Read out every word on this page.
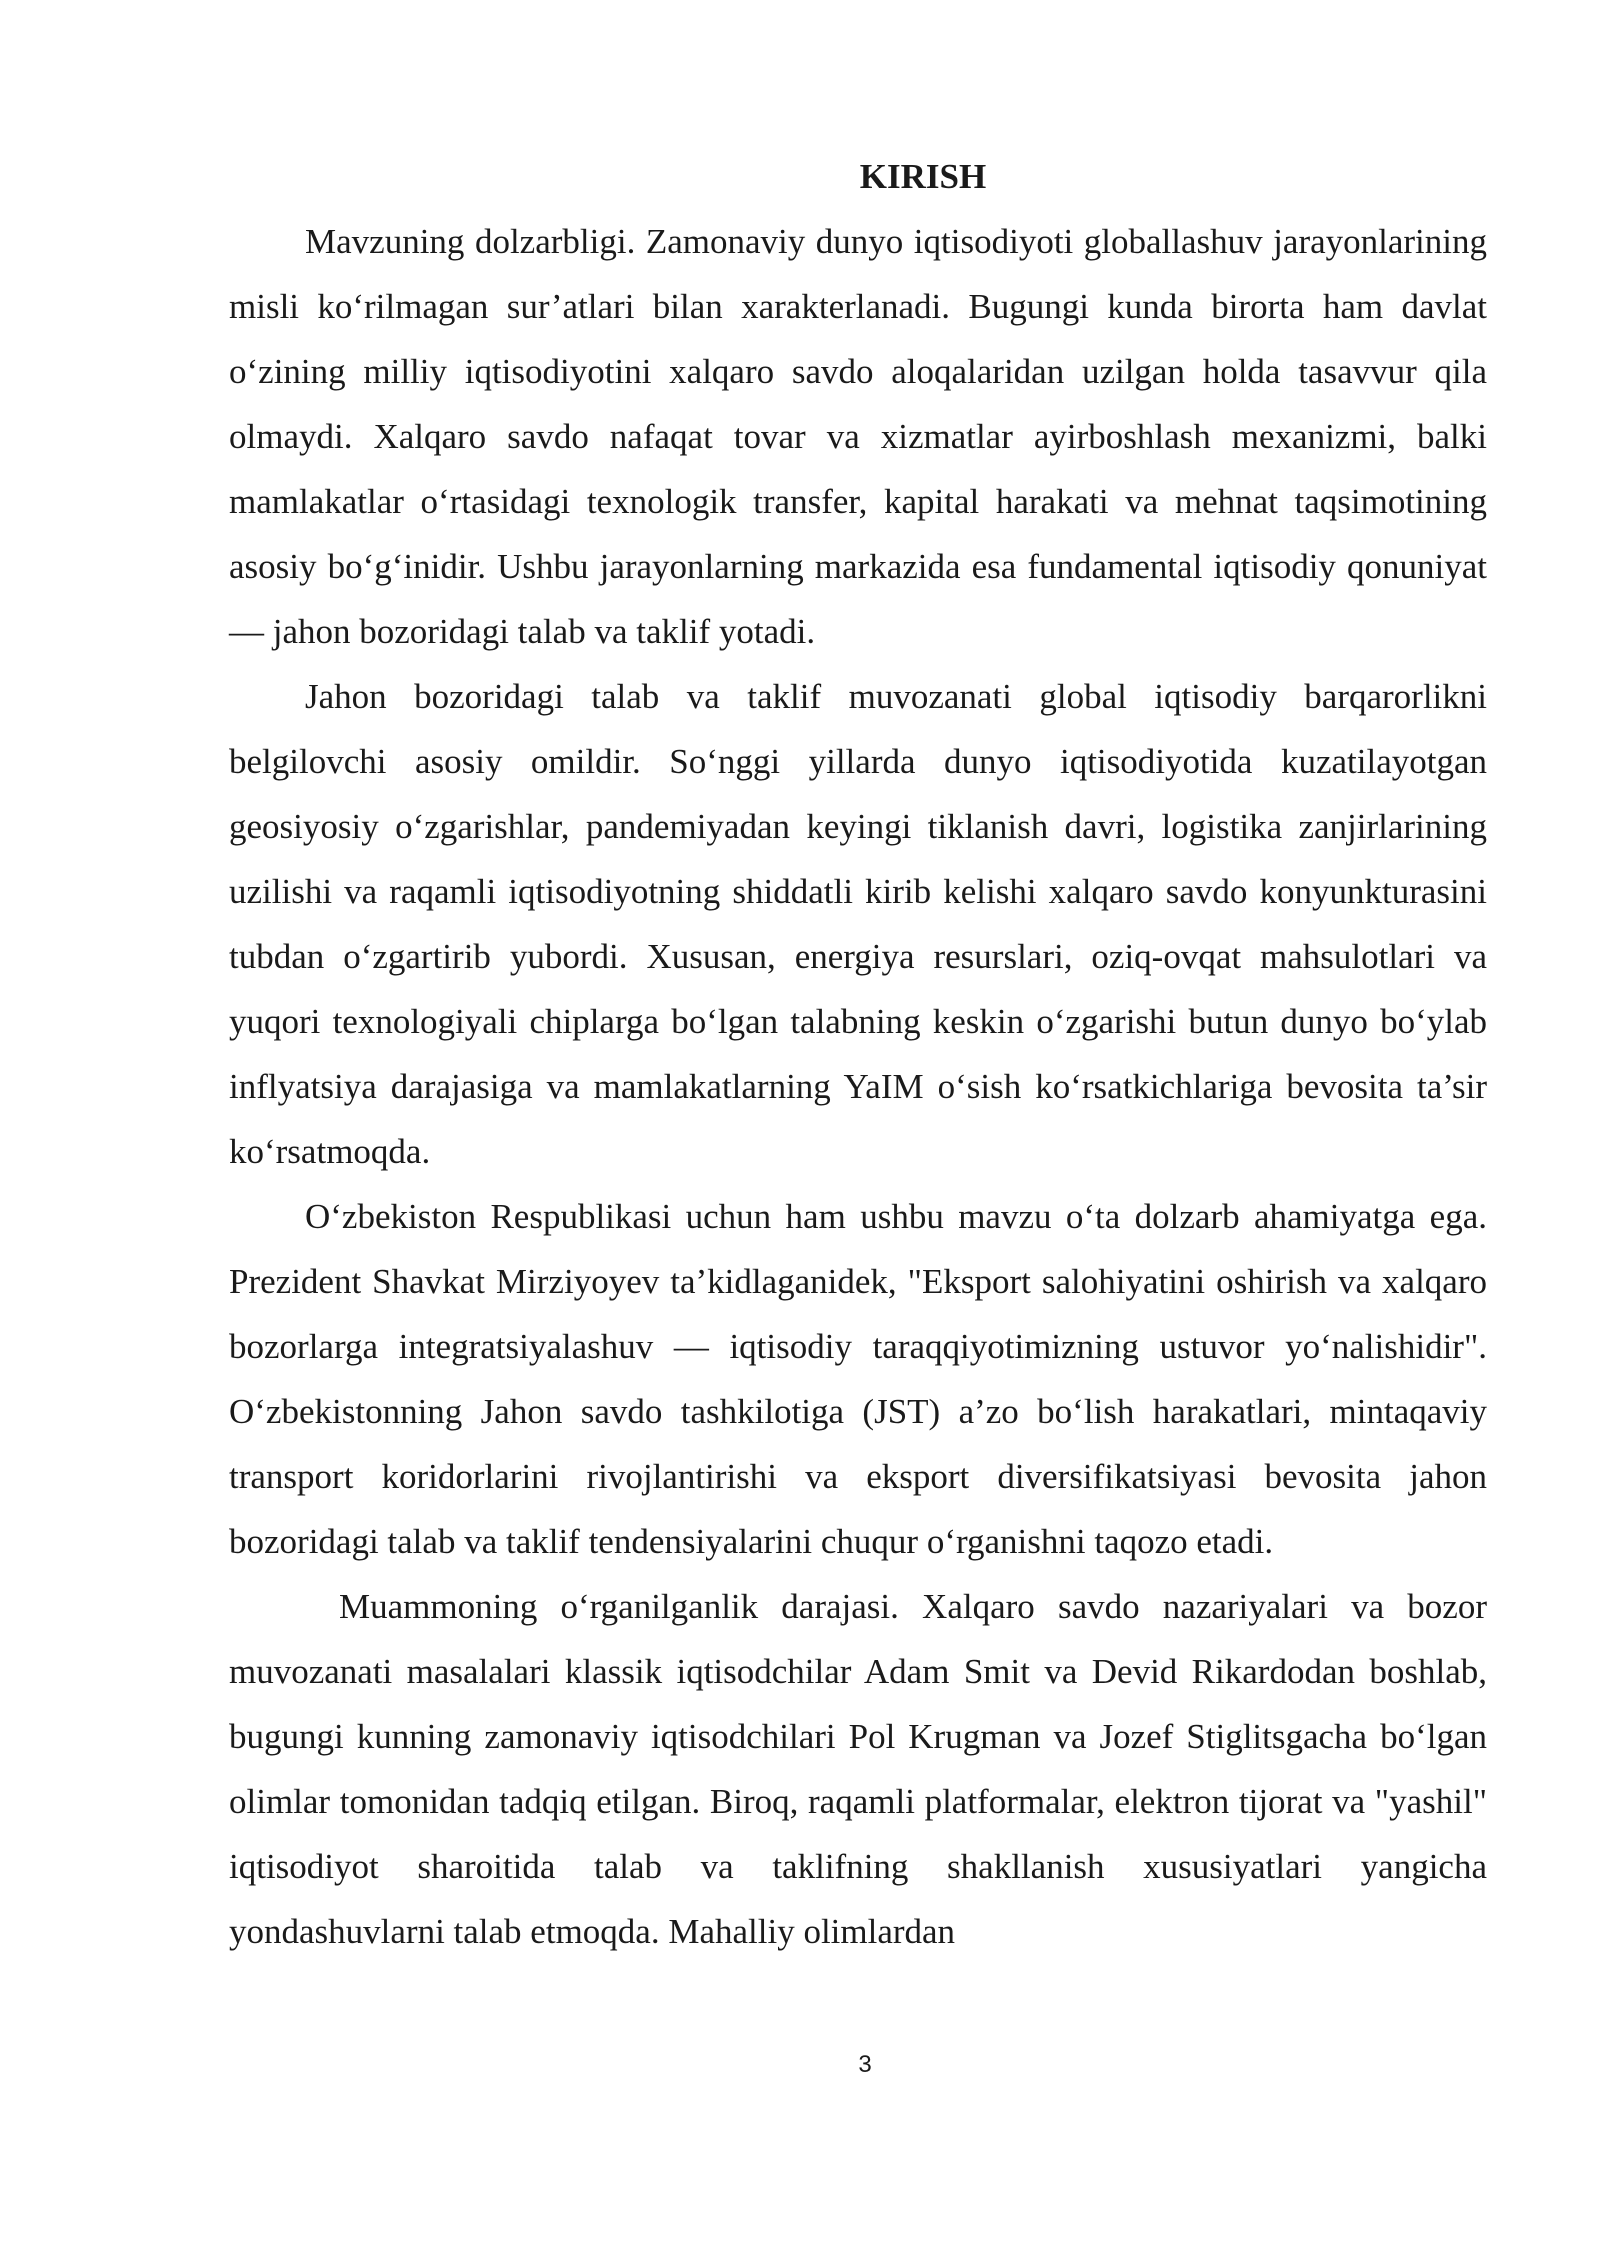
KIRISH

Mavzuning dolzarbligi. Zamonaviy dunyo iqtisodiyoti globallashuv jarayonlarining misli ko‘rilmagan sur’atlari bilan xarakterlanadi. Bugungi kunda birorta ham davlat o‘zining milliy iqtisodiyotini xalqaro savdo aloqalaridan uzilgan holda tasavvur qila olmaydi. Xalqaro savdo nafaqat tovar va xizmatlar ayirboshlash mexanizmi, balki mamlakatlar o‘rtasidagi texnologik transfer, kapital harakati va mehnat taqsimotining asosiy bo‘g‘inidir. Ushbu jarayonlarning markazida esa fundamental iqtisodiy qonuniyat — jahon bozoridagi talab va taklif yotadi.

Jahon bozoridagi talab va taklif muvozanati global iqtisodiy barqarorlikni belgilovchi asosiy omildir. So‘nggi yillarda dunyo iqtisodiyotida kuzatilayotgan geosiyosiy o‘zgarishlar, pandemiyadan keyingi tiklanish davri, logistika zanjirlarining uzilishi va raqamli iqtisodiyotning shiddatli kirib kelishi xalqaro savdo konyunkturasini tubdan o‘zgartirib yubordi. Xususan, energiya resurslari, oziq-ovqat mahsulotlari va yuqori texnologiyali chiplarga bo‘lgan talabning keskin o‘zgarishi butun dunyo bo‘ylab inflyatsiya darajasiga va mamlakatlarning YaIM o‘sish ko‘rsatkichlariga bevosita ta’sir ko‘rsatmoqda.

O‘zbekiston Respublikasi uchun ham ushbu mavzu o‘ta dolzarb ahamiyatga ega. Prezident Shavkat Mirziyoyev ta’kidlaganidek, "Eksport salohiyatini oshirish va xalqaro bozorlarga integratsiyalashuv — iqtisodiy taraqqiyotimizning ustuvor yo‘nalishidir". O‘zbekistonning Jahon savdo tashkilotiga (JST) a’zo bo‘lish harakatlari, mintaqaviy transport koridorlarini rivojlantirishi va eksport diversifikatsiyasi bevosita jahon bozoridagi talab va taklif tendensiyalarini chuqur o‘rganishni taqozo etadi.

Muammoning o‘rganilganlik darajasi. Xalqaro savdo nazariyalari va bozor muvozanati masalalari klassik iqtisodchilar Adam Smit va Devid Rikardodan boshlab, bugungi kunning zamonaviy iqtisodchilari Pol Krugman va Jozef Stiglitsgacha bo‘lgan olimlar tomonidan tadqiq etilgan. Biroq, raqamli platformalar, elektron tijorat va "yashil" iqtisodiyot sharoitida talab va taklifning shakllanish xususiyatlari yangicha yondashuvlarni talab etmoqda. Mahalliy olimlardan

3
